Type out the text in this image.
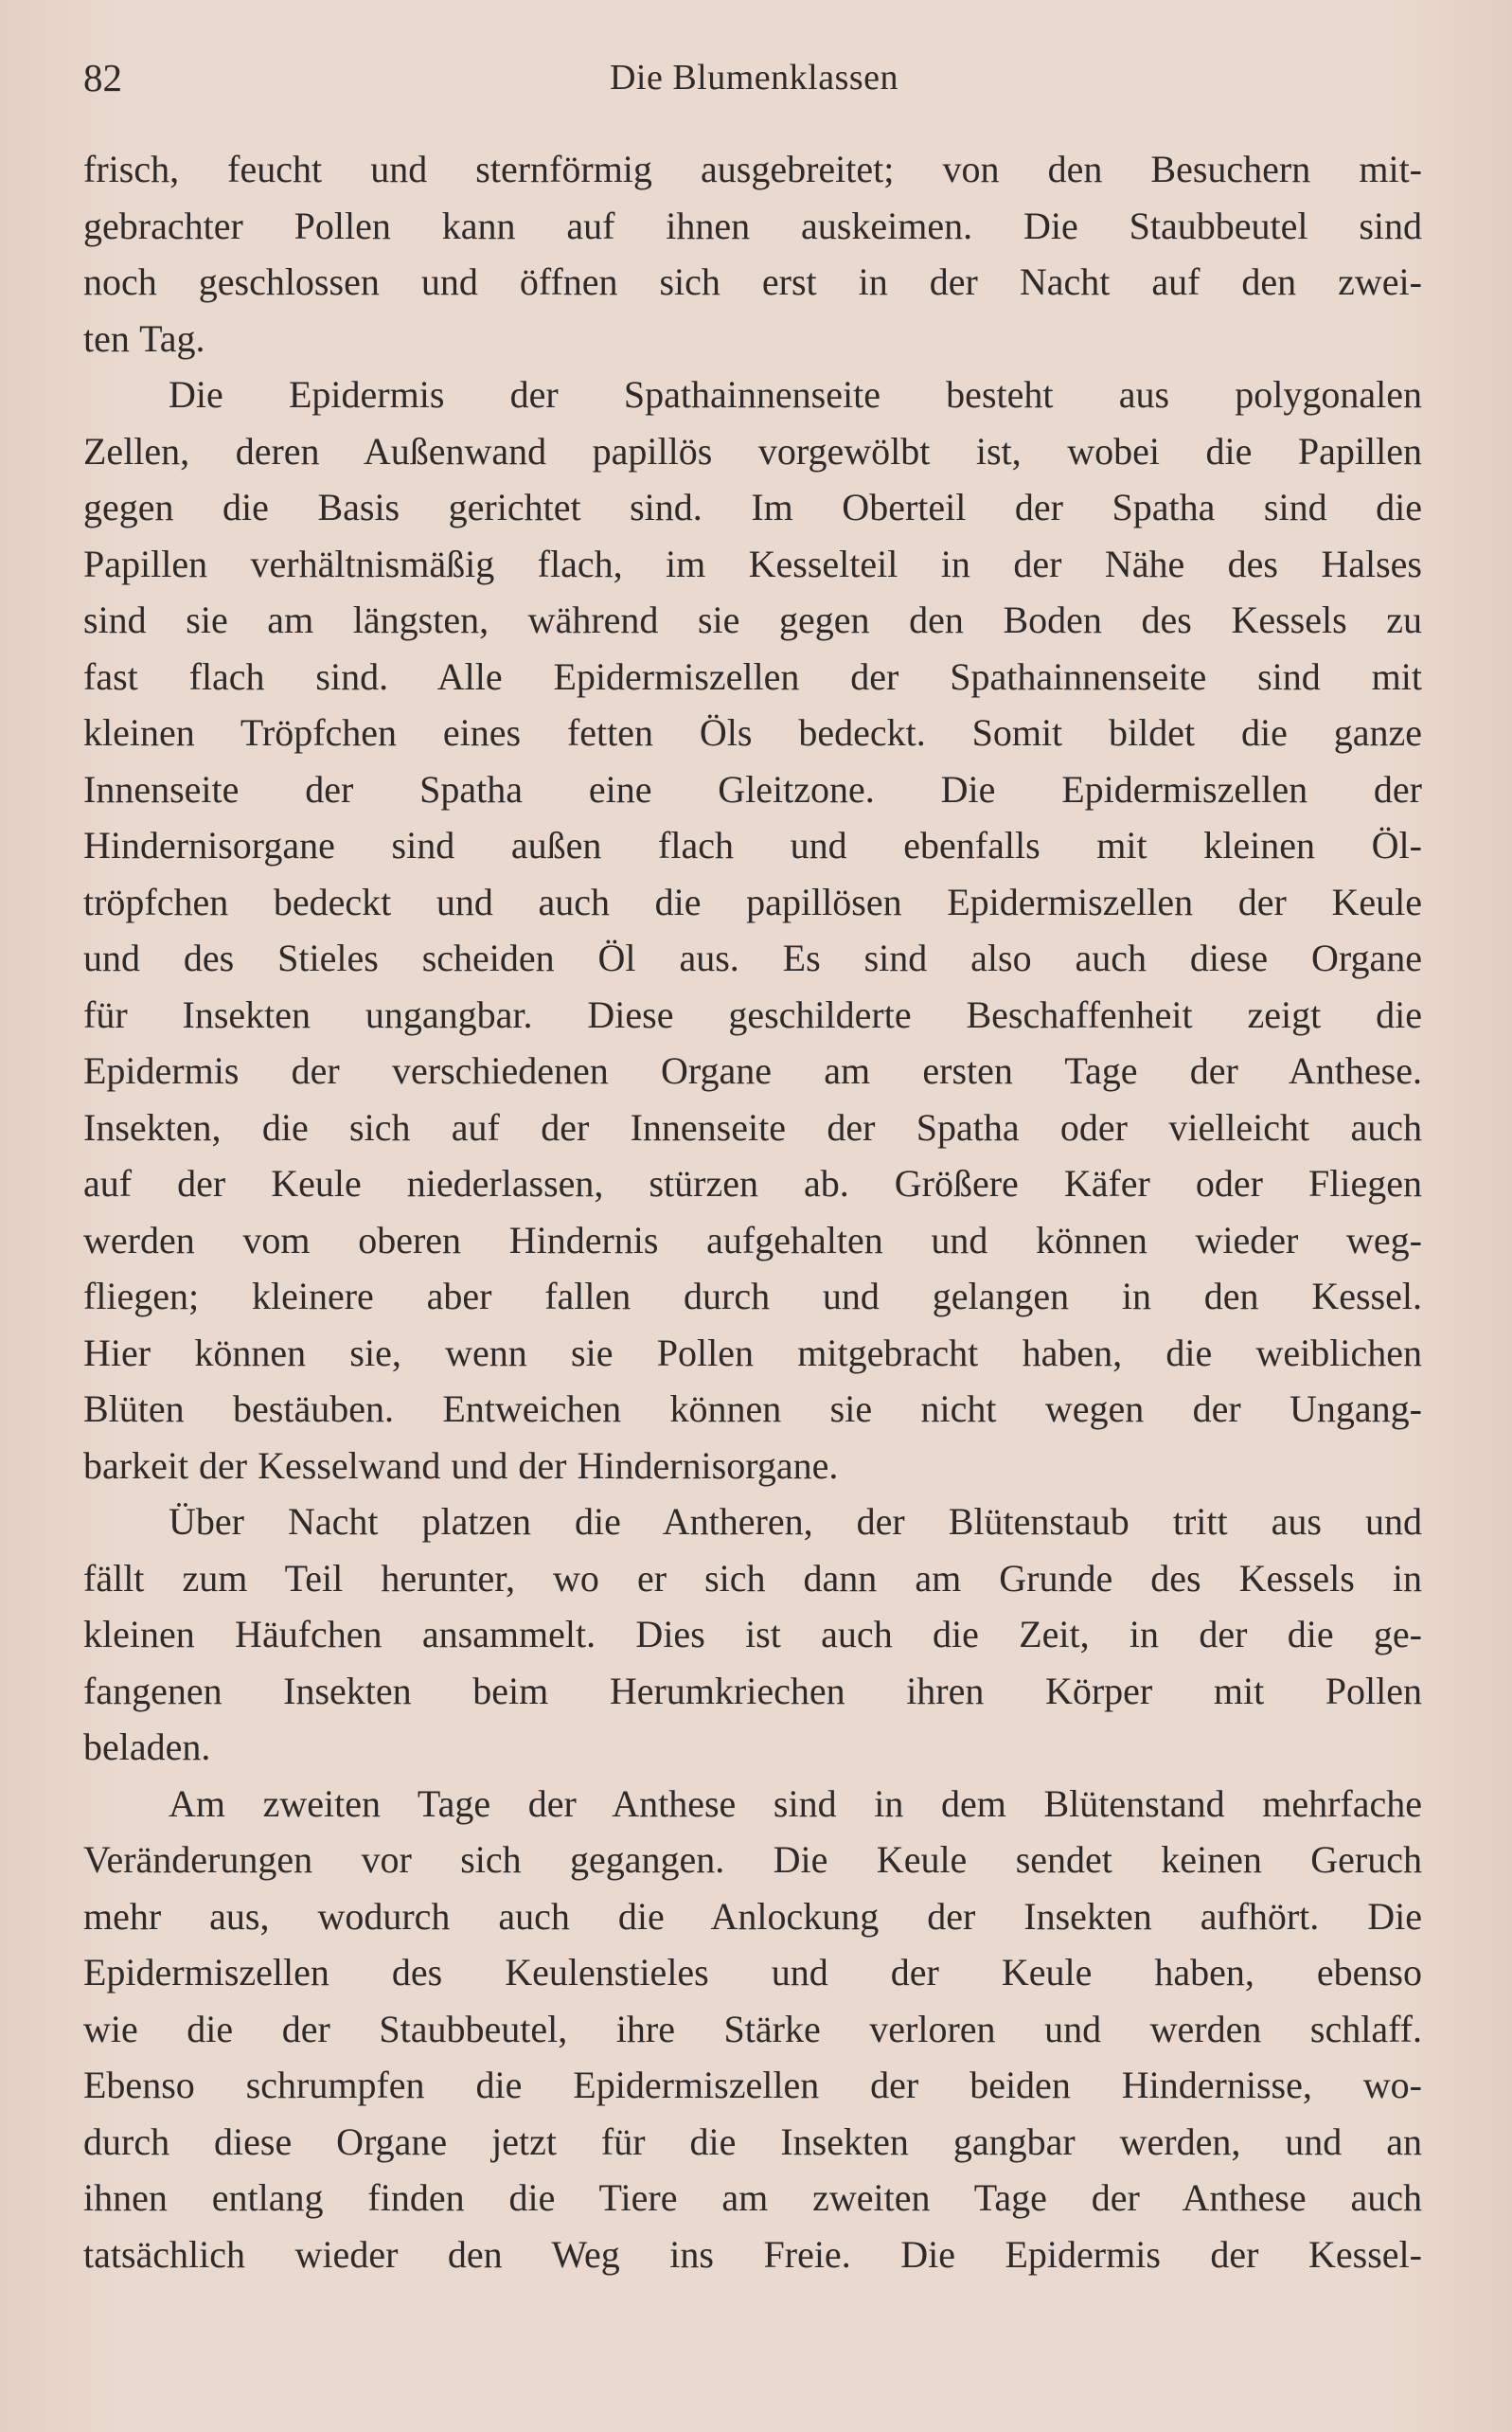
82	Die Blumenklassen
frisch, feucht und sternförmig ausgebreitet; von den Besuchern mit-
gebrachter Pollen kann auf ihnen auskeimen. Die Staubbeutel sind
noch geschlossen und öffnen sich erst in der Nacht auf den zwei-
ten Tag.
Die Epidermis der Spathainnenseite besteht aus polygonalen
Zellen, deren Außenwand papillös vorgewölbt ist, wobei die Papillen
gegen die Basis gerichtet sind. Im Oberteil der Spatha sind die
Papillen verhältnismäßig flach, im Kesselteil in der Nähe des Halses
sind sie am längsten, während sie gegen den Boden des Kessels zu
fast flach sind. Alle Epidermiszellen der Spathainnenseite sind mit
kleinen Tröpfchen eines fetten Öls bedeckt. Somit bildet die ganze
Innenseite der Spatha eine Gleitzone. Die Epidermiszellen der
Hindernisorgane sind außen flach und ebenfalls mit kleinen Öl-
tröpfchen bedeckt und auch die papillösen Epidermiszellen der Keule
und des Stieles scheiden Öl aus. Es sind also auch diese Organe
für Insekten ungangbar. Diese geschilderte Beschaffenheit zeigt die
Epidermis der verschiedenen Organe am ersten Tage der Anthese.
Insekten, die sich auf der Innenseite der Spatha oder vielleicht auch
auf der Keule niederlassen, stürzen ab. Größere Käfer oder Fliegen
werden vom oberen Hindernis aufgehalten und können wieder weg-
fliegen; kleinere aber fallen durch und gelangen in den Kessel.
Hier können sie, wenn sie Pollen mitgebracht haben, die weiblichen
Blüten bestäuben. Entweichen können sie nicht wegen der Ungang-
barkeit der Kesselwand und der Hindernisorgane.
Über Nacht platzen die Antheren, der Blütenstaub tritt aus und
fällt zum Teil herunter, wo er sich dann am Grunde des Kessels in
kleinen Häufchen ansammelt. Dies ist auch die Zeit, in der die ge-
fangenen Insekten beim Herumkriechen ihren Körper mit Pollen
beladen.
Am zweiten Tage der Anthese sind in dem Blütenstand mehrfache
Veränderungen vor sich gegangen. Die Keule sendet keinen Geruch
mehr aus, wodurch auch die Anlockung der Insekten aufhört. Die
Epidermiszellen des Keulenstieles und der Keule haben, ebenso
wie die der Staubbeutel, ihre Stärke verloren und werden schlaff.
Ebenso schrumpfen die Epidermiszellen der beiden Hindernisse, wo-
durch diese Organe jetzt für die Insekten gangbar werden, und an
ihnen entlang finden die Tiere am zweiten Tage der Anthese auch
tatsächlich wieder den Weg ins Freie. Die Epidermis der Kessel-
